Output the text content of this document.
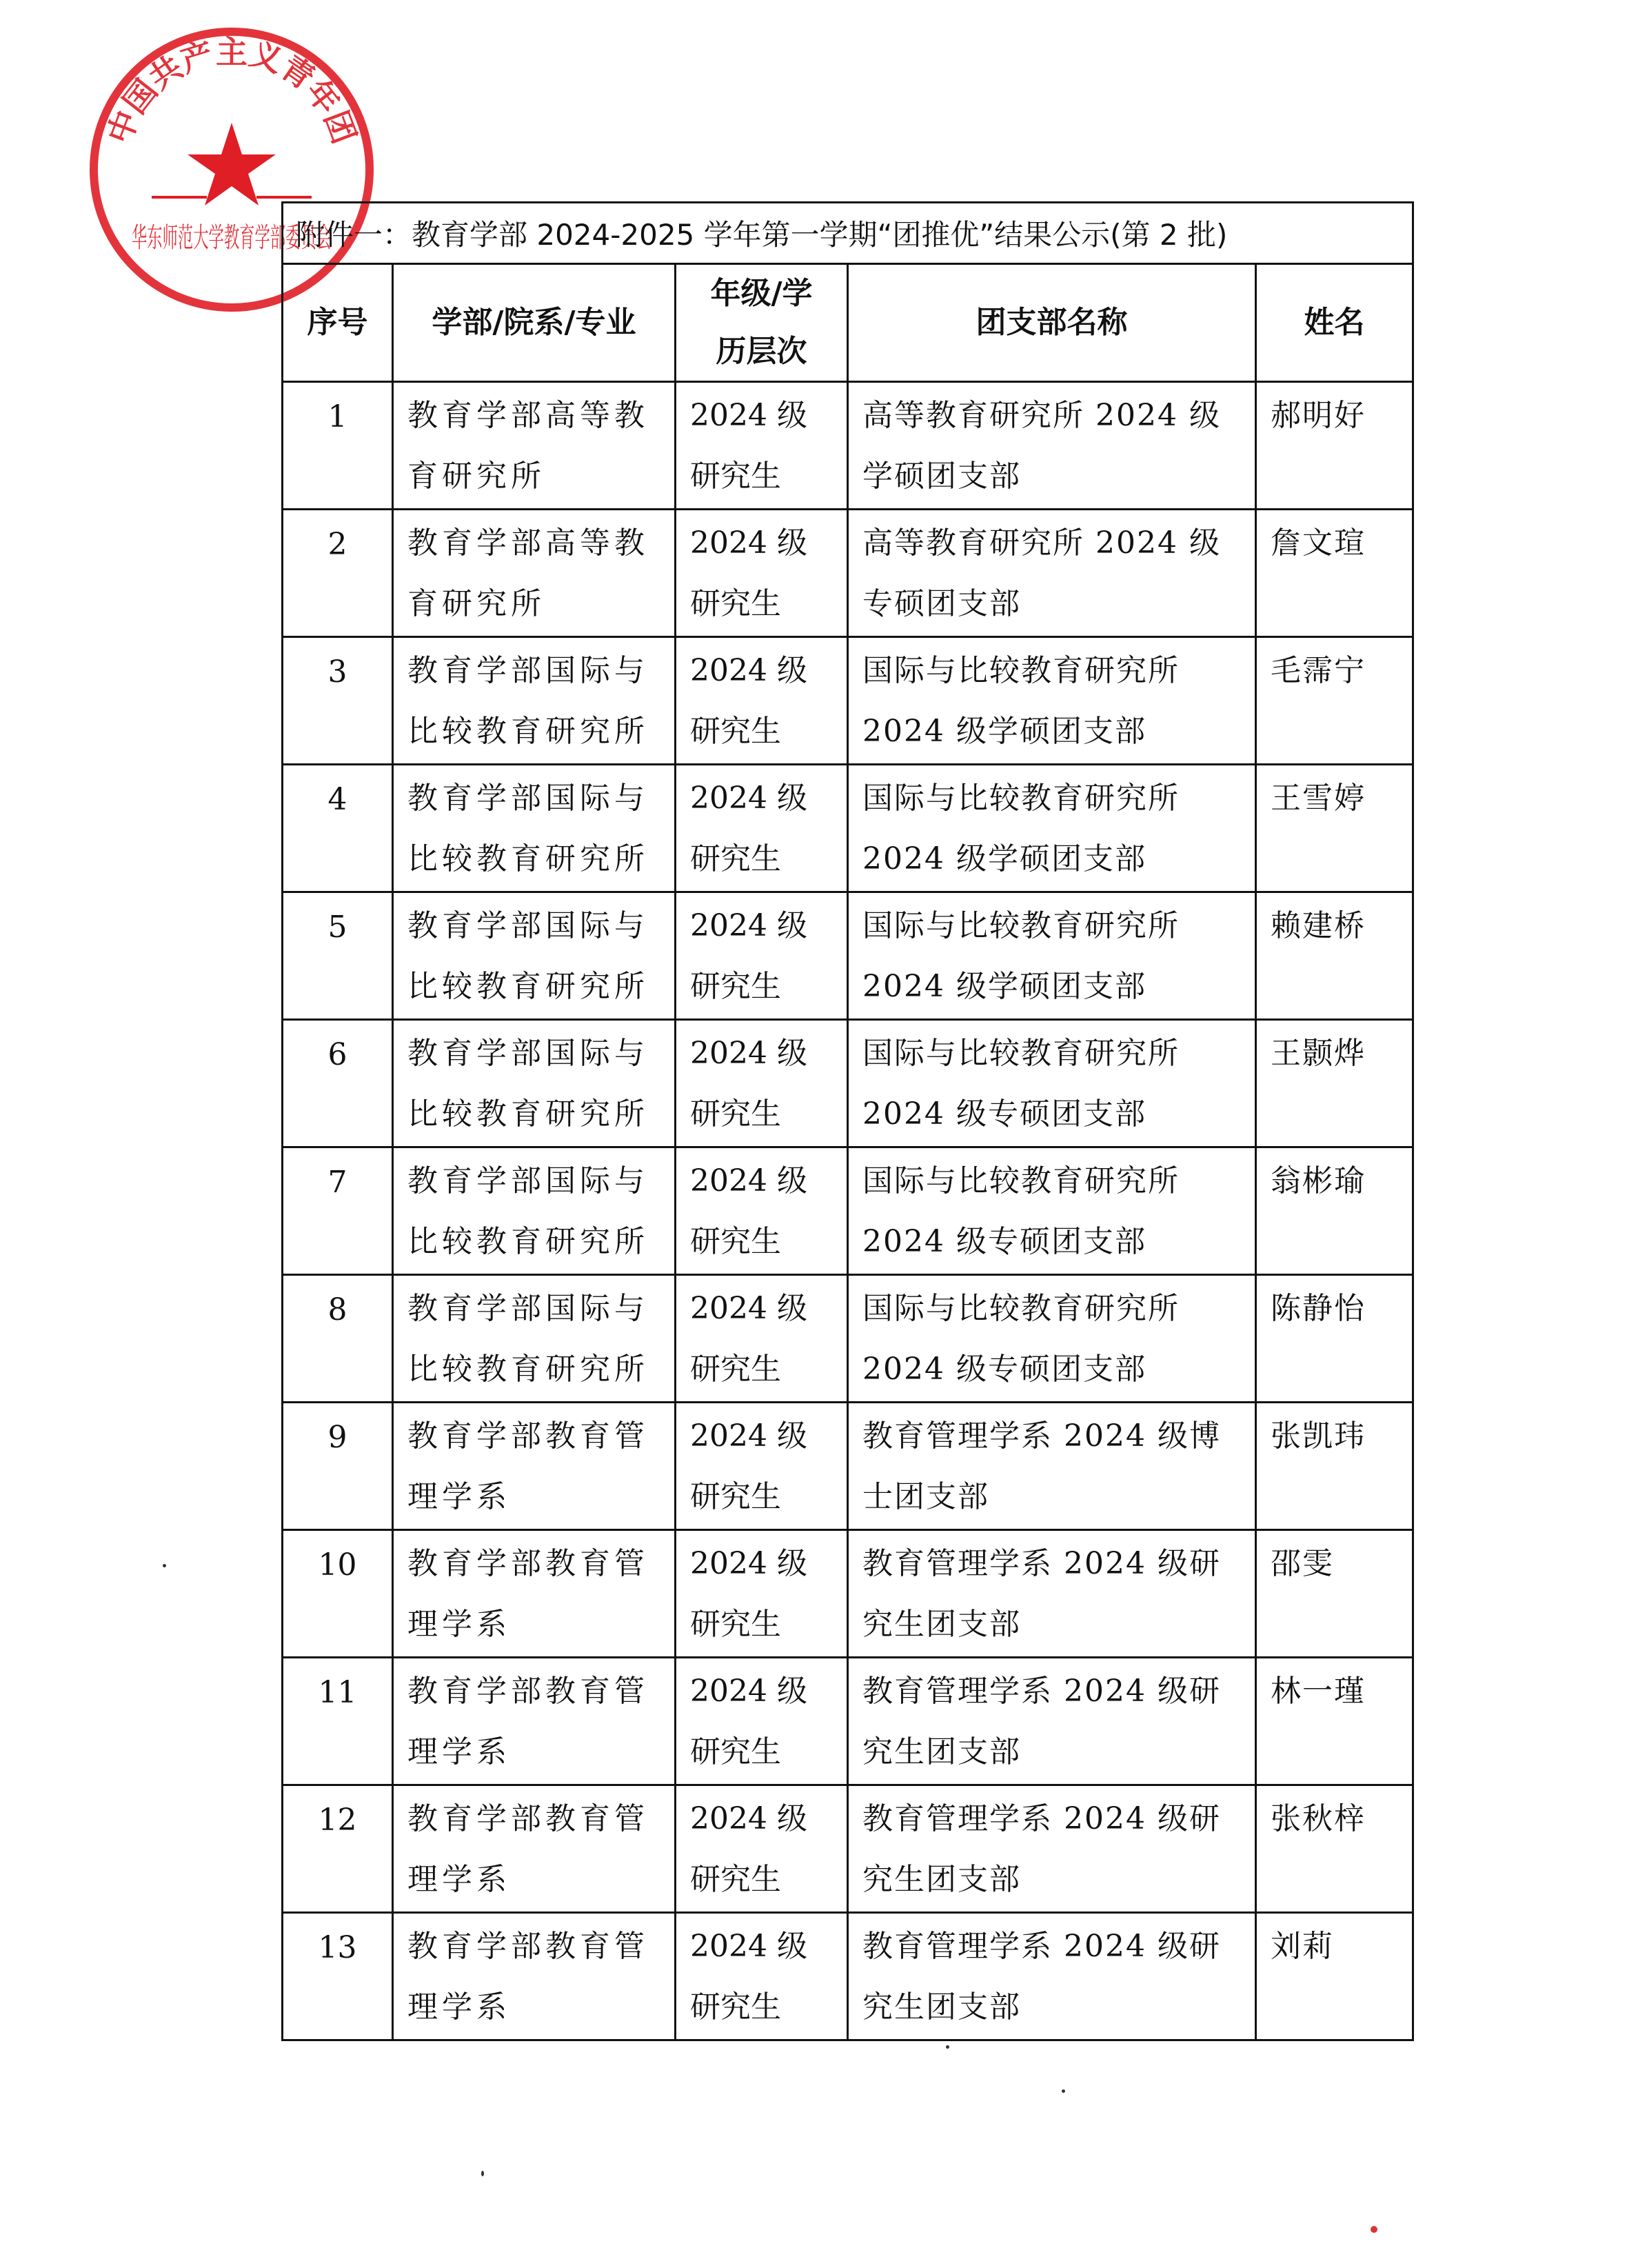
中国共产主义青年团
华东师范大学教育学部委员会
附件一：教育学部 2024-2025 学年第一学期“团推优”结果公示(第 2 批)				
序号	学部/院系/专业	年级/学历层次	团支部名称	姓名
1	教育学部高等教育研究所	2024 级研究生	高等教育研究所 2024 级学硕团支部	郝明好
2	教育学部高等教育研究所	2024 级研究生	高等教育研究所 2024 级专硕团支部	詹文瑄
3	教育学部国际与比较教育研究所	2024 级研究生	国际与比较教育研究所 2024 级学硕团支部	毛霈宁
4	教育学部国际与比较教育研究所	2024 级研究生	国际与比较教育研究所 2024 级学硕团支部	王雪婷
5	教育学部国际与比较教育研究所	2024 级研究生	国际与比较教育研究所 2024 级学硕团支部	赖建桥
6	教育学部国际与比较教育研究所	2024 级研究生	国际与比较教育研究所 2024 级专硕团支部	王颢烨
7	教育学部国际与比较教育研究所	2024 级研究生	国际与比较教育研究所 2024 级专硕团支部	翁彬瑜
8	教育学部国际与比较教育研究所	2024 级研究生	国际与比较教育研究所 2024 级专硕团支部	陈静怡
9	教育学部教育管理学系	2024 级研究生	教育管理学系 2024 级博士团支部	张凯玮
10	教育学部教育管理学系	2024 级研究生	教育管理学系 2024 级研究生团支部	邵雯
11	教育学部教育管理学系	2024 级研究生	教育管理学系 2024 级研究生团支部	林一瑾
12	教育学部教育管理学系	2024 级研究生	教育管理学系 2024 级研究生团支部	张秋梓
13	教育学部教育管理学系	2024 级研究生	教育管理学系 2024 级研究生团支部	刘莉
